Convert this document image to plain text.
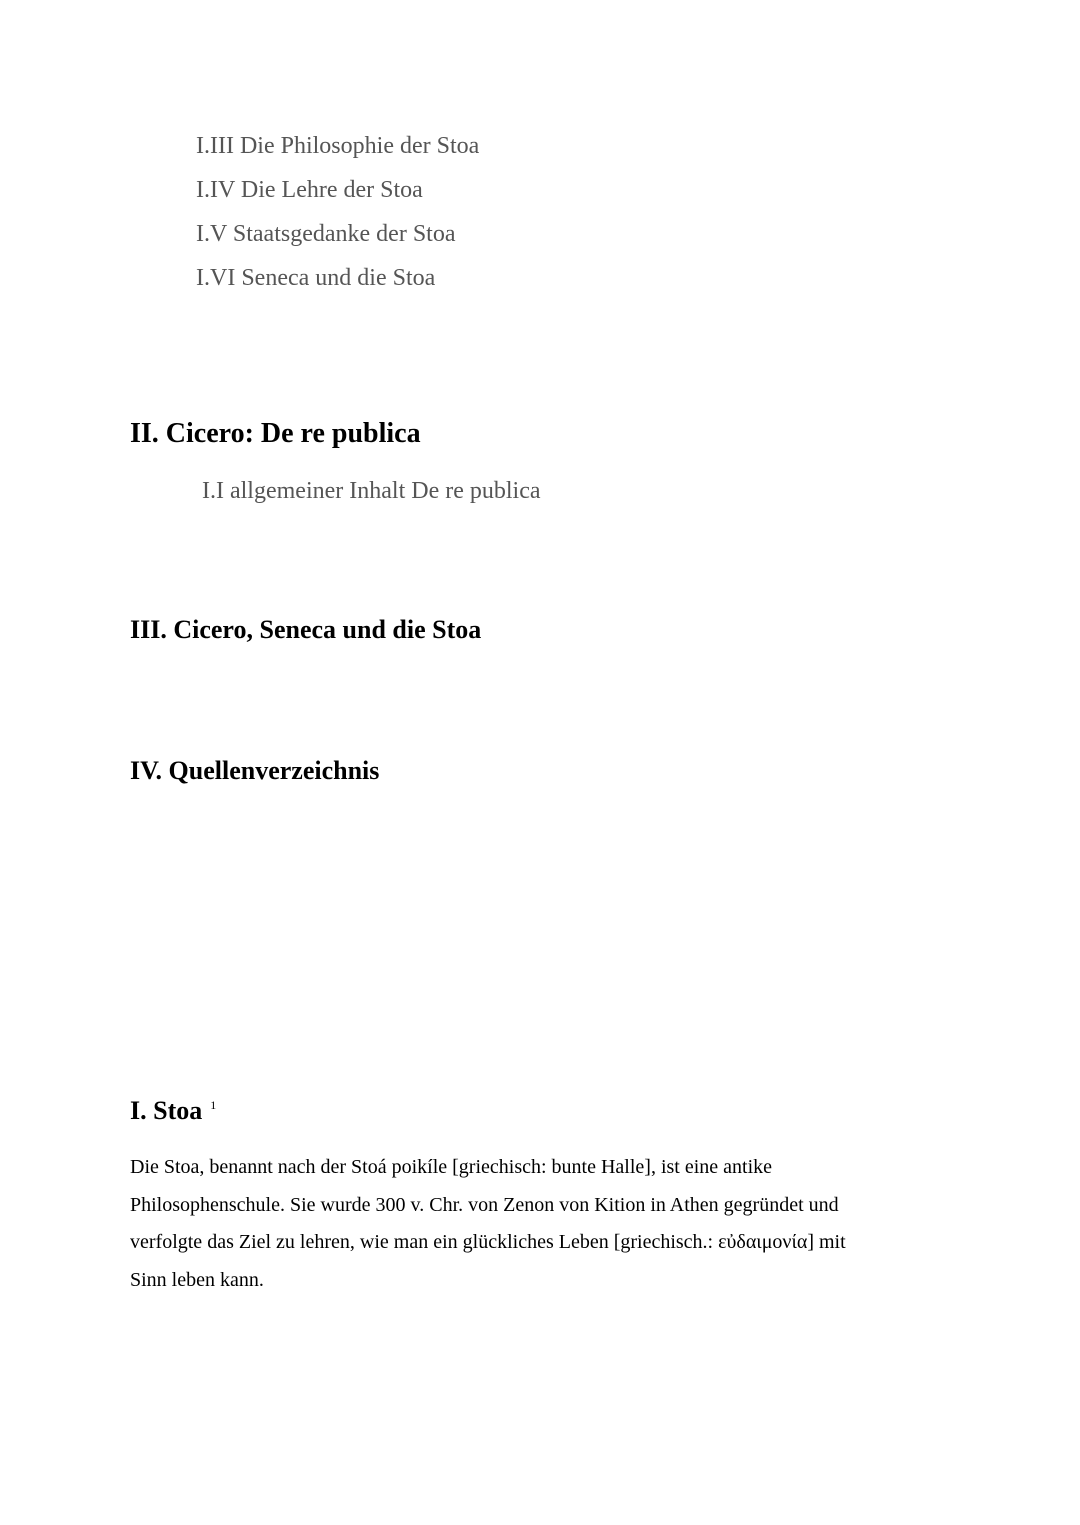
I.III Die Philosophie der Stoa
I.IV Die Lehre der Stoa
I.V Staatsgedanke der Stoa
I.VI Seneca und die Stoa
II. Cicero: De re publica
I.I allgemeiner Inhalt De re publica
III. Cicero, Seneca und die Stoa
IV. Quellenverzeichnis
I. Stoa $^1$
Die Stoa, benannt nach der Stoá poikíle [griechisch: bunte Halle], ist eine antike
Philosophenschule. Sie wurde 300 v. Chr. von Zenon von Kition in Athen gegründet und
verfolgte das Ziel zu lehren, wie man ein glückliches Leben [griechisch.: εὐδαιμονία] mit
Sinn leben kann.
